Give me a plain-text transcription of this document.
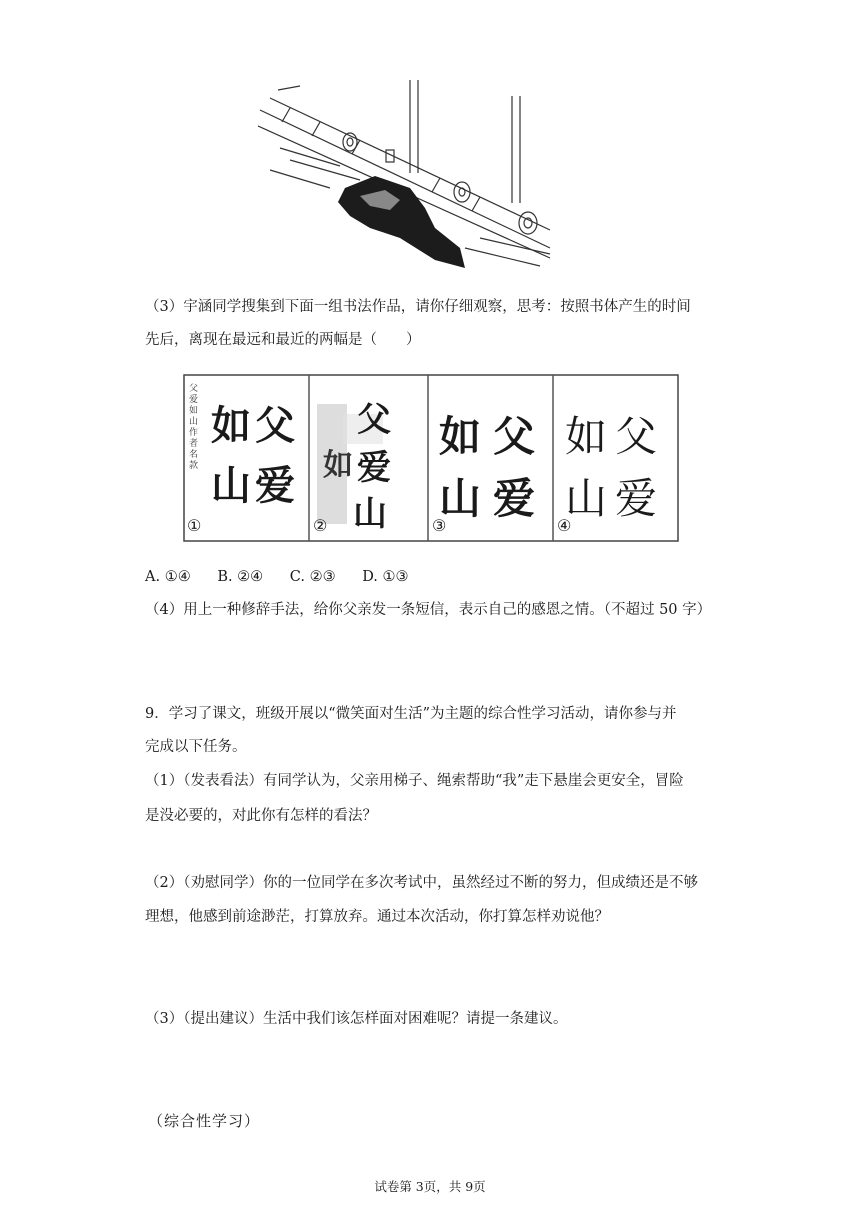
（3）宇涵同学搜集到下面一组书法作品，请你仔细观察，思考：按照书体产生的时间
先后，离现在最远和最近的两幅是（　　）
父爱如山 作者名款
父
爱
如
山
①
父
爱
如
山
②
父
爱
如
山
③
父
爱
如
山
④
A. ①④ B. ②④ C. ②③ D. ①③
（4）用上一种修辞手法，给你父亲发一条短信，表示自己的感恩之情。（不超过 50 字）
9．学习了课文，班级开展以“微笑面对生活”为主题的综合性学习活动，请你参与并
完成以下任务。
（1）（发表看法）有同学认为，父亲用梯子、绳索帮助“我”走下悬崖会更安全，冒险
是没必要的，对此你有怎样的看法？
（2）（劝慰同学）你的一位同学在多次考试中，虽然经过不断的努力，但成绩还是不够
理想，他感到前途渺茫，打算放弃。通过本次活动，你打算怎样劝说他？
（3）（提出建议）生活中我们该怎样面对困难呢？请提一条建议。
（综合性学习）
试卷第 3页，共 9页
